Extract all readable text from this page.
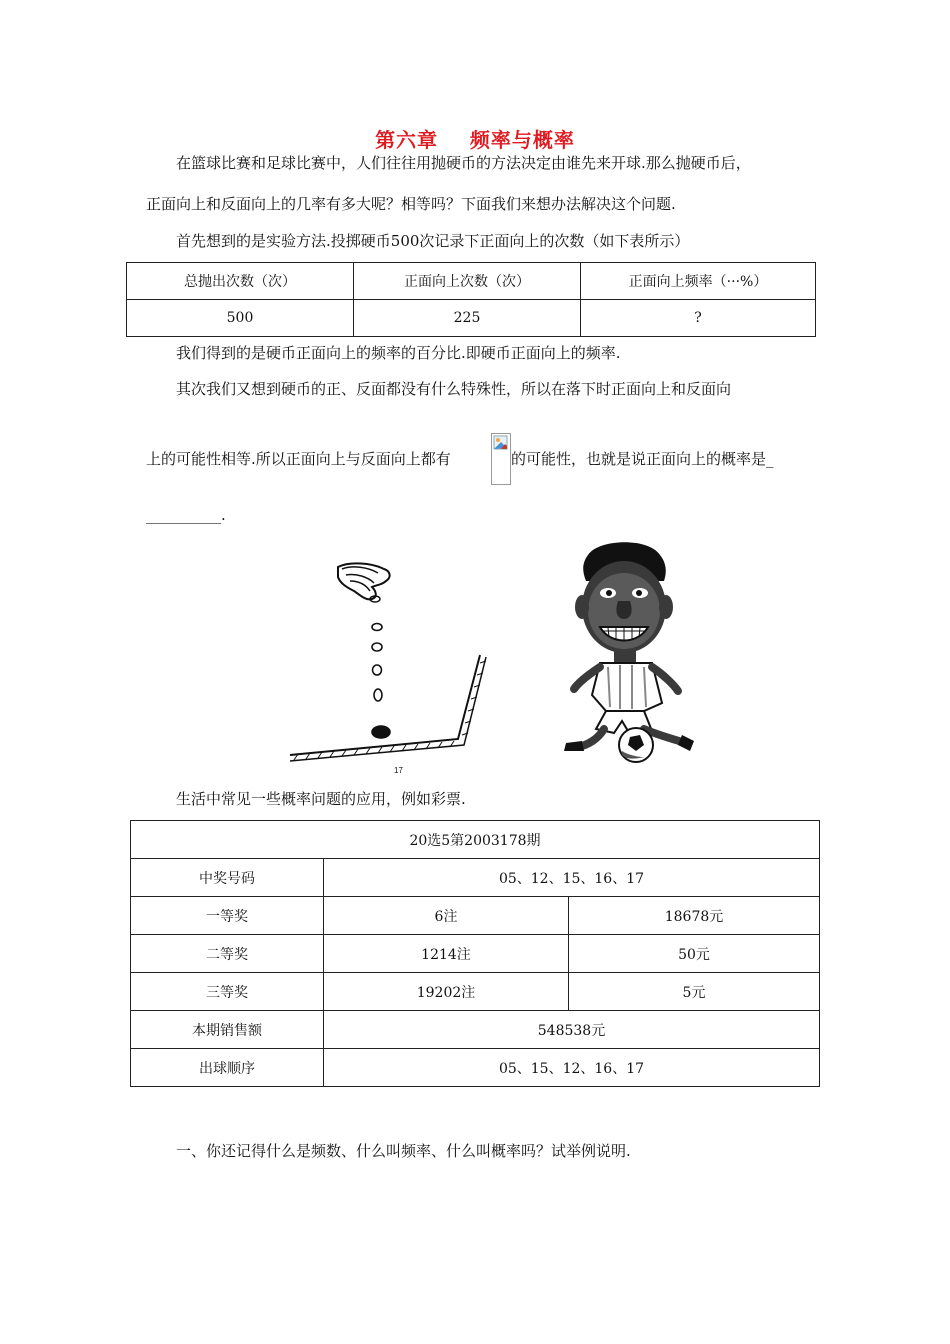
第六章    频率与概率
在篮球比赛和足球比赛中，人们往往用抛硬币的方法决定由谁先来开球.那么抛硬币后，
正面向上和反面向上的几率有多大呢？相等吗？下面我们来想办法解决这个问题.
首先想到的是实验方法.投掷硬币500次记录下正面向上的次数（如下表所示）
总抛出次数（次）	正面向上次数（次）	正面向上频率（···%）
500	225	?
我们得到的是硬币正面向上的频率的百分比.即硬币正面向上的频率.
其次我们又想到硬币的正、反面都没有什么特殊性，所以在落下时正面向上和反面向
上的可能性相等.所以正面向上与反面向上都有	的可能性，也就是说正面向上的概率是_
__________.
17
生活中常见一些概率问题的应用，例如彩票.
20选5第2003178期		
中奖号码	05、12、15、16、17	
一等奖	6注	18678元
二等奖	1214注	50元
三等奖	19202注	5元
本期销售额	548538元	
出球顺序	05、15、12、16、17	
一、你还记得什么是频数、什么叫频率、什么叫概率吗？试举例说明.
